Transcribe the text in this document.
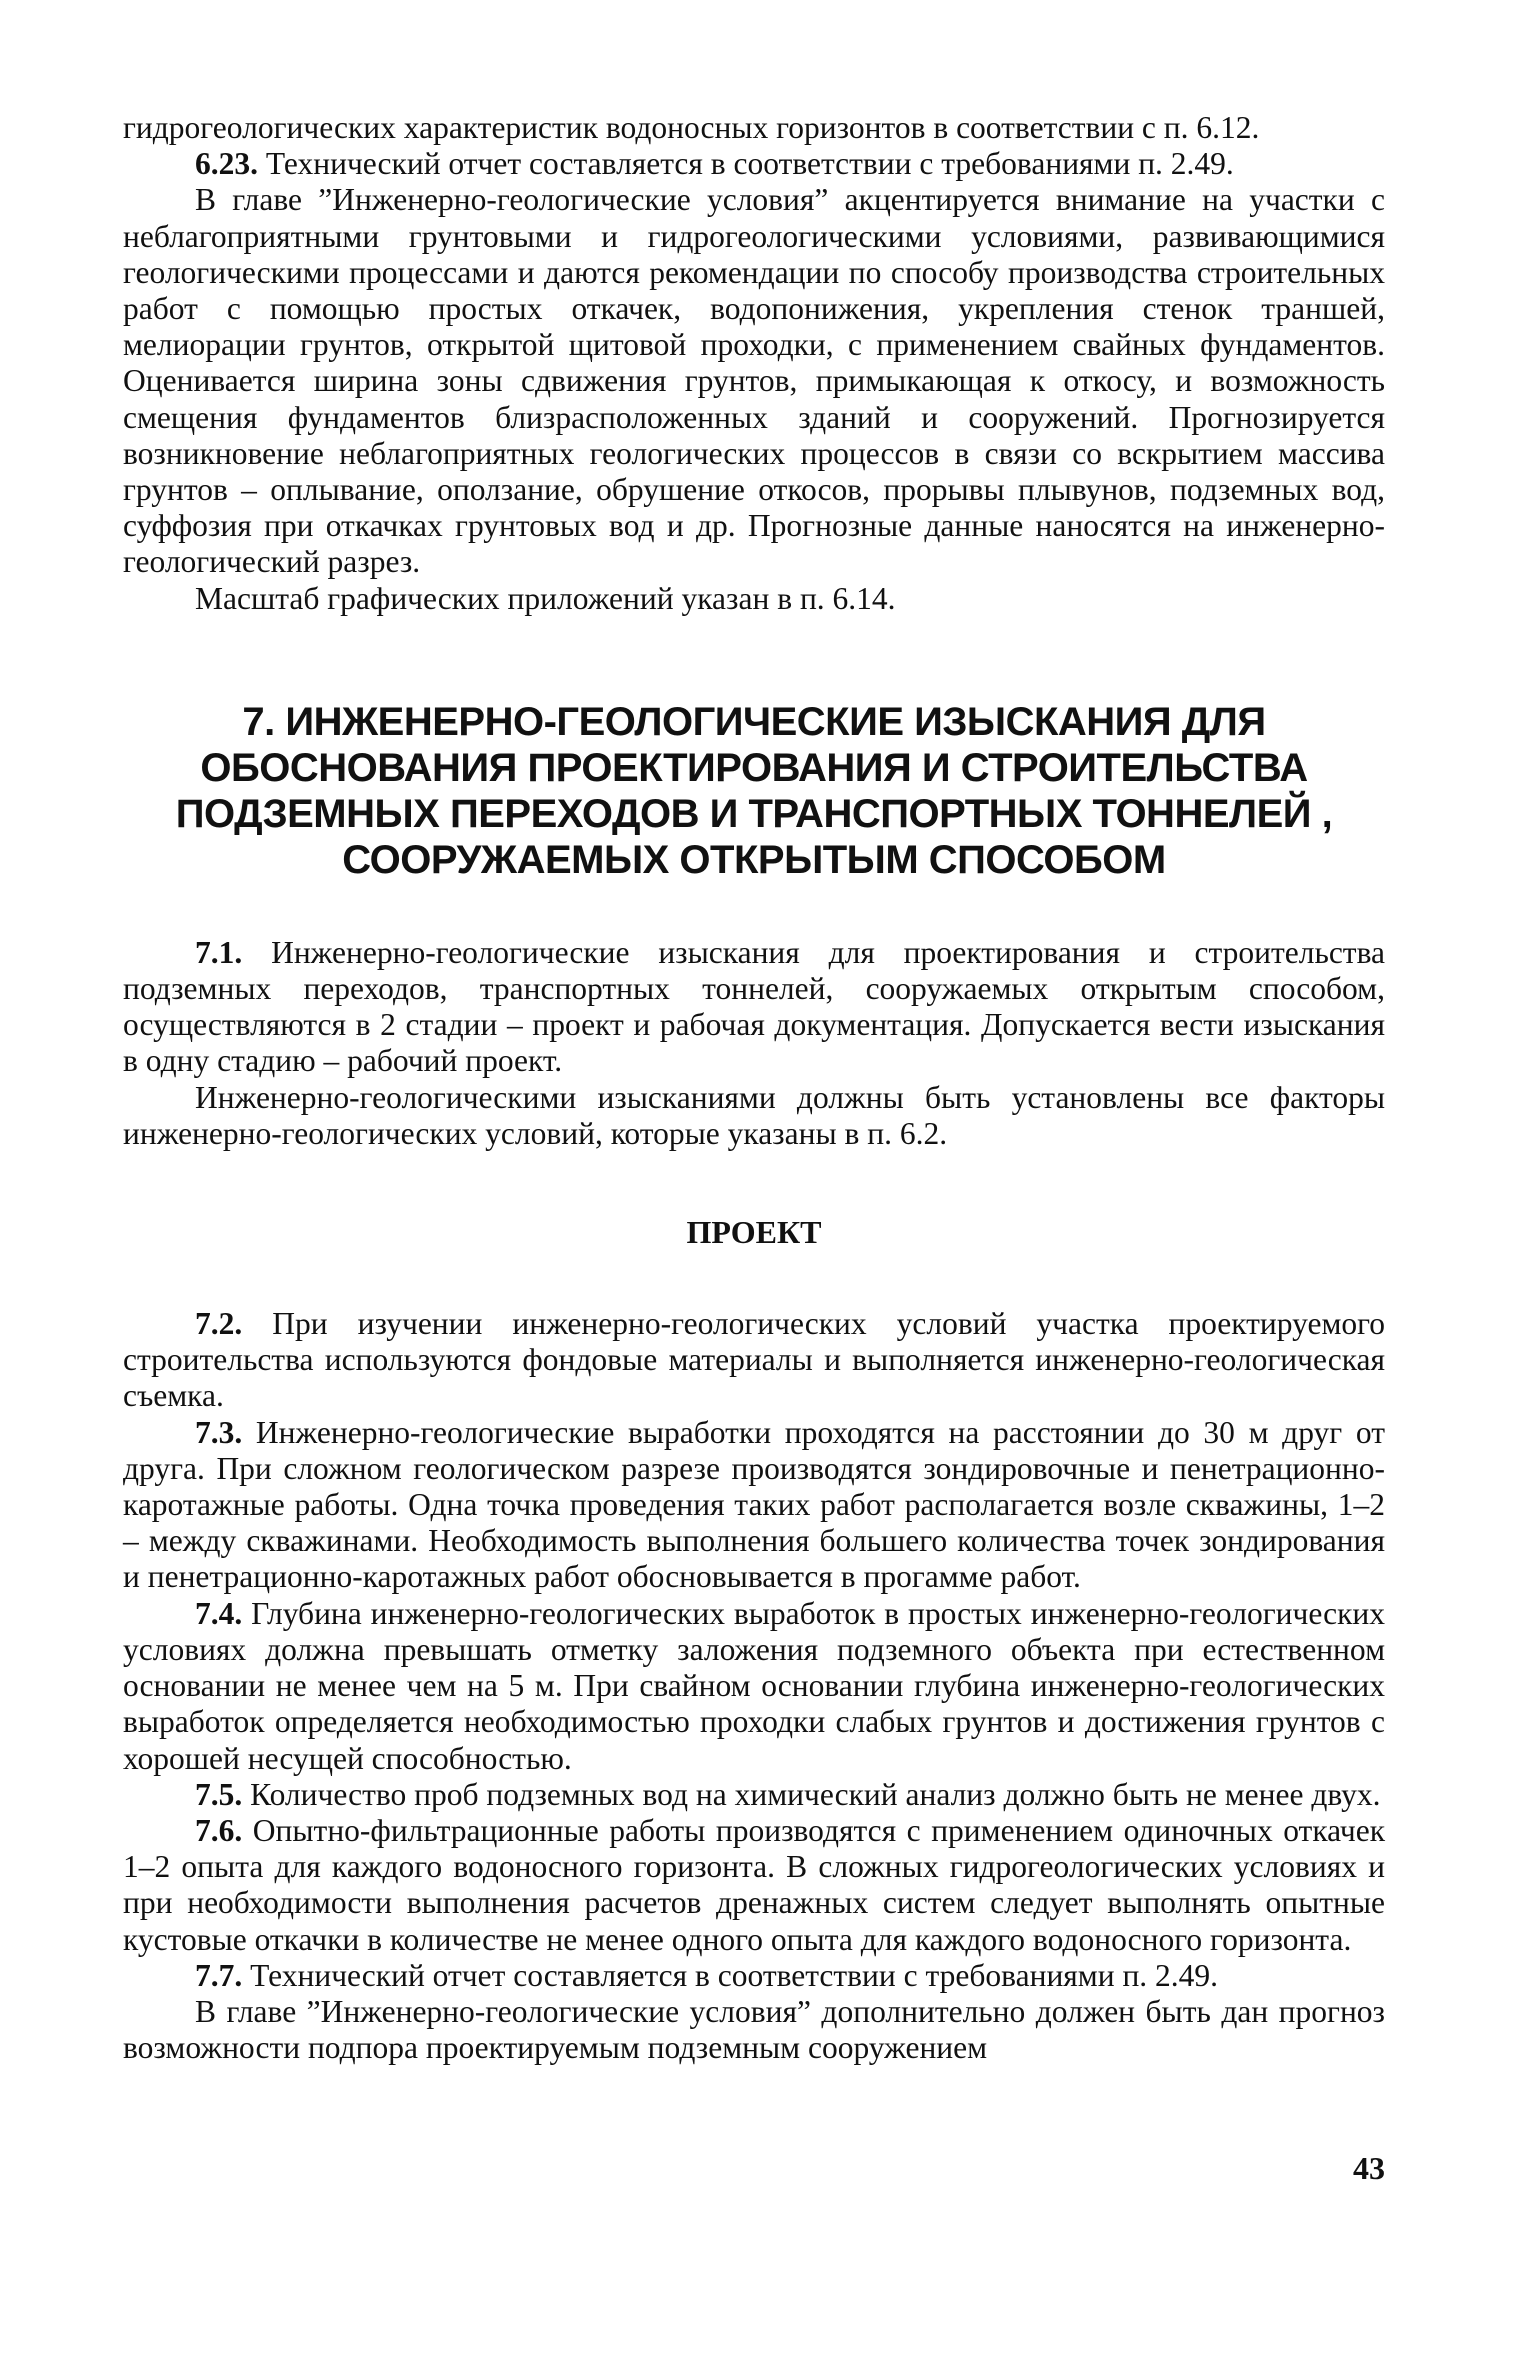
гидрогеологических характеристик водоносных горизонтов в соответствии с п. 6.12.

6.23. Технический отчет составляется в соответствии с требованиями п. 2.49.

В главе ”Инженерно-геологические условия” акцентируется внимание на участки с неблагоприятными грунтовыми и гидрогеологическими условиями, развивающимися геологическими процессами и даются рекомендации по способу производства строительных работ с помощью простых откачек, водопонижения, укрепления стенок траншей, мелиорации грунтов, открытой щитовой проходки, с применением свайных фундаментов. Оценивается ширина зоны сдвижения грунтов, примыкающая к откосу, и возможность смещения фундаментов близрасположенных зданий и сооружений. Прогнозируется возникновение неблагоприятных геологических процессов в связи со вскрытием массива грунтов – оплывание, оползание, обрушение откосов, прорывы плывунов, подземных вод, суффозия при откачках грунтовых вод и др. Прогнозные данные наносятся на инженерно-геологический разрез.

Масштаб графических приложений указан в п. 6.14.

7. ИНЖЕНЕРНО-ГЕОЛОГИЧЕСКИЕ ИЗЫСКАНИЯ ДЛЯ
ОБОСНОВАНИЯ ПРОЕКТИРОВАНИЯ И СТРОИТЕЛЬСТВА
ПОДЗЕМНЫХ ПЕРЕХОДОВ И ТРАНСПОРТНЫХ ТОННЕЛЕЙ ,
СООРУЖАЕМЫХ ОТКРЫТЫМ СПОСОБОМ

7.1. Инженерно-геологические изыскания для проектирования и строительства подземных переходов, транспортных тоннелей, сооружаемых открытым способом, осуществляются в 2 стадии – проект и рабочая документация. Допускается вести изыскания в одну стадию – рабочий проект.

Инженерно-геологическими изысканиями должны быть установлены все факторы инженерно-геологических условий, которые указаны в п. 6.2.

ПРОЕКТ

7.2. При изучении инженерно-геологических условий участка проектируемого строительства используются фондовые материалы и выполняется инженерно-геологическая съемка.

7.3. Инженерно-геологические выработки проходятся на расстоянии до 30 м друг от друга. При сложном геологическом разрезе производятся зондировочные и пенетрационно-каротажные работы. Одна точка проведения таких работ располагается возле скважины, 1–2 – между скважинами. Необходимость выполнения большего количества точек зондирования и пенетрационно-каротажных работ обосновывается в прогамме работ.

7.4. Глубина инженерно-геологических выработок в простых инженерно-геологических условиях должна превышать отметку заложения подземного объекта при естественном основании не менее чем на 5 м. При свайном основании глубина инженерно-геологических выработок определяется необходимостью проходки слабых грунтов и достижения грунтов с хорошей несущей способностью.

7.5. Количество проб подземных вод на химический анализ должно быть не менее двух.

7.6. Опытно-фильтрационные работы производятся с применением одиночных откачек 1–2 опыта для каждого водоносного горизонта. В сложных гидрогеологических условиях и при необходимости выполнения расчетов дренажных систем следует выполнять опытные кустовые откачки в количестве не менее одного опыта для каждого водоносного горизонта.

7.7. Технический отчет составляется в соответствии с требованиями п. 2.49.

В главе ”Инженерно-геологические условия” дополнительно должен быть дан прогноз возможности подпора проектируемым подземным сооружением

43
